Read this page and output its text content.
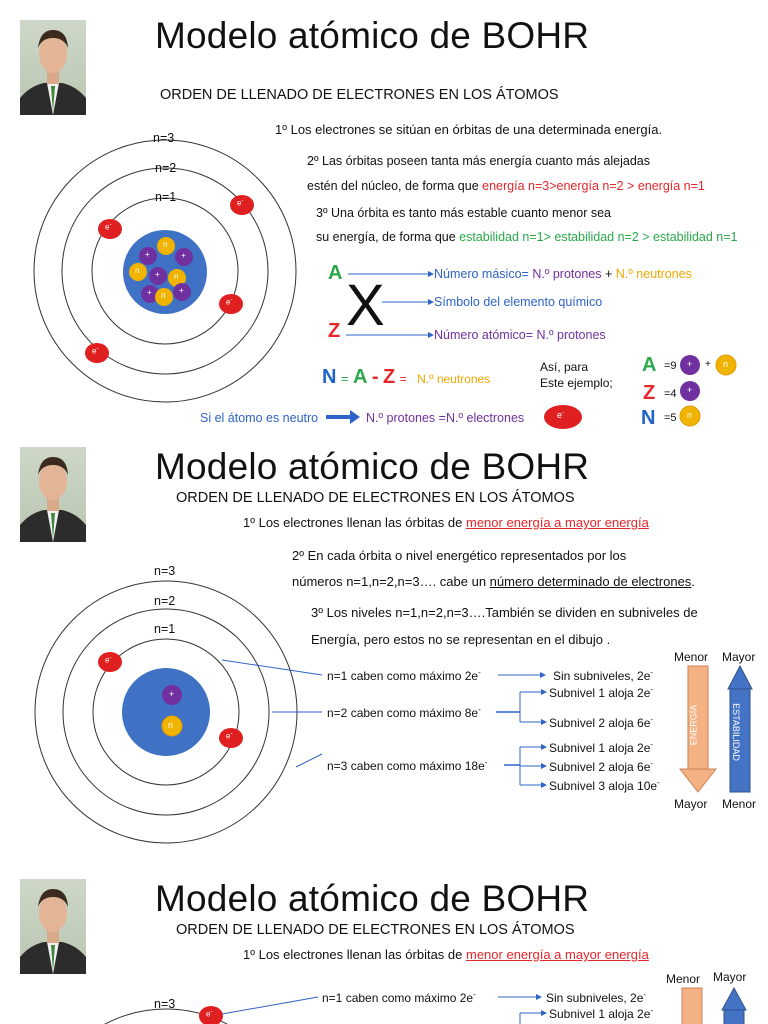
Modelo atómico de BOHR
ORDEN DE LLENADO DE ELECTRONES EN LOS ÁTOMOS
+
n
+
n + n
+	+
n
e-
e-
e-
e-
e-
n=3
n=2
n=1
1º Los electrones se sitúan en órbitas de una determinada energía.
2º Las órbitas poseen tanta más energía cuanto más alejadas
estén del núcleo, de forma que energía n=3>energía n=2 > energía n=1
3º Una órbita es tanto más estable cuanto menor sea
su energía, de forma que estabilidad n=1> estabilidad n=2 > estabilidad n=1
A X
Z
Número másico= N.º protones + N.º neutrones
Símbolo del elemento químico
Número atómico= N.º protones
N = A - Z = N.º neutrones
Así, para
Este ejemplo;
A =9
Z =4
N =5
+ + n
+
n
Si el átomo es neutro	N.º protones =N.º electrones
Modelo atómico de BOHR
ORDEN DE LLENADO DE ELECTRONES EN LOS ÁTOMOS
1º Los electrones llenan las órbitas de menor energía a mayor energía
2º En cada órbita o nivel energético representados por los
números n=1,n=2,n=3…. cabe un número determinado de electrones.
3º Los niveles n=1,n=2,n=3….También se dividen en subniveles de
Energía, pero estos no se representan en el dibujo .
+
n
e-
e-
n=3
n=2
n=1
n=1 caben como máximo 2e-
n=2 caben como máximo 8e-
n=3 caben como máximo 18e-
Sin subniveles, 2e-
Subnivel 1 aloja 2e-
Subnivel 2 aloja 6e-
Subnivel 1 aloja 2e-
Subnivel 2 aloja 6e-
Subnivel 3 aloja 10e-
Menor Mayor
Mayor Menor
ENERGÍA	ESTABILIDAD
Modelo atómico de BOHR
ORDEN DE LLENADO DE ELECTRONES EN LOS ÁTOMOS
1º Los electrones llenan las órbitas de menor energía a mayor energía
e-
n=3	n=1 caben como máximo 2e-	Sin subniveles, 2e-
Subnivel 1 aloja 2e-
Menor Mayor
